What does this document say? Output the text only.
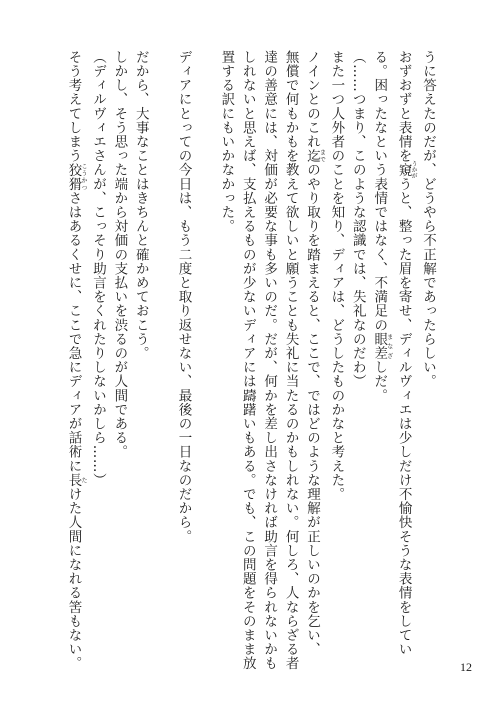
うに答えたのだが、どうやら不正解であったらしい。
おずおずと表情を窺うかがうと、整った眉を寄せ、ディルヴィエは少しだけ不愉快そうな表情をしてい
る。困ったなという表情ではなく、不満足の眼差まなざしだ。
（……つまり、このような認識では、失礼なのだわ）
また一つ人外者のことを知り、ディアは、どうしたものかなと考えた。
ノインとのこれ迄までのやり取りを踏まえると、ここで、ではどのような理解が正しいのかを乞い、
無償で何もかもを教えて欲しいと願うことも失礼に当たるのかもしれない。何しろ、人ならざる者
達の善意には、対価が必要な事も多いのだ。だが、何かを差し出さなければ助言を得られないかも
しれないと思えば、支払えるものが少ないディアには躊躇いもある。でも、この問題をそのまま放
置する訳にもいかなかった。
ディアにとっての今日は、もう二度と取り返せない、最後の一日なのだから。
だから、大事なことはきちんと確かめておこう。
しかし、そう思った端から対価の支払いを渋るのが人間である。
（ディルヴィエさんが、こっそり助言をくれたりしないかしら……）
そう考えてしまう狡猾こうかつさはあるくせに、ここで急にディアが話術に長たけた人間になれる筈もない。	12
